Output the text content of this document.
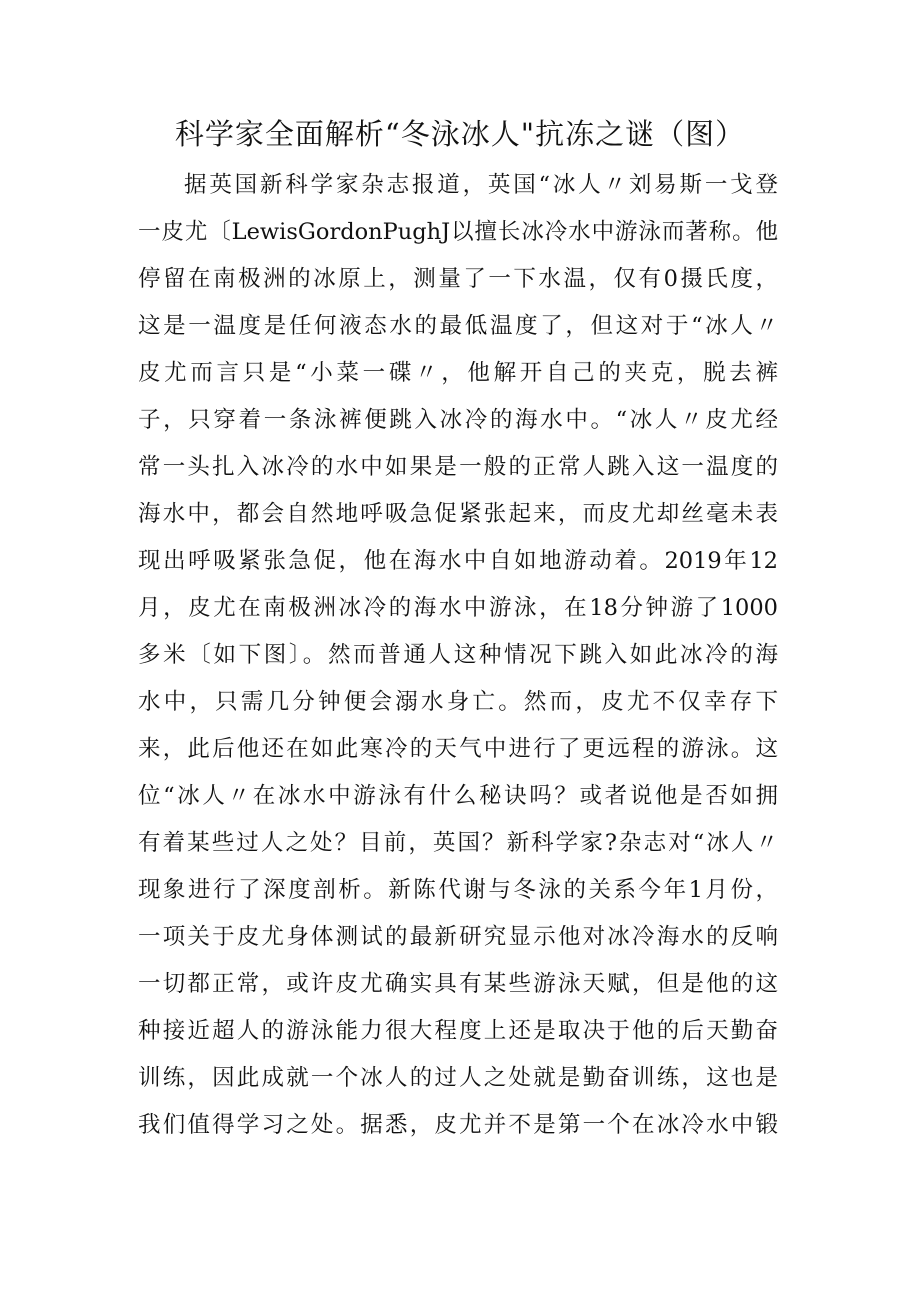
科学家全面解析“冬泳冰人"抗冻之谜（图）
据英国新科学家杂志报道，英国“冰人〃刘易斯一戈登
一皮尤〔LewisGordonPughJ以擅长冰冷水中游泳而著称。他
停留在南极洲的冰原上，测量了一下水温，仅有0摄氏度，
这是一温度是任何液态水的最低温度了，但这对于“冰人〃
皮尤而言只是“小菜一碟〃，他解开自己的夹克，脱去裤
子，只穿着一条泳裤便跳入冰冷的海水中。“冰人〃皮尤经
常一头扎入冰冷的水中如果是一般的正常人跳入这一温度的
海水中，都会自然地呼吸急促紧张起来，而皮尤却丝毫未表
现出呼吸紧张急促，他在海水中自如地游动着。2019年12
月，皮尤在南极洲冰冷的海水中游泳，在18分钟游了1000
多米〔如下图〕。然而普通人这种情况下跳入如此冰冷的海
水中，只需几分钟便会溺水身亡。然而，皮尤不仅幸存下
来，此后他还在如此寒冷的天气中进行了更远程的游泳。这
位“冰人〃在冰水中游泳有什么秘诀吗？或者说他是否如拥
有着某些过人之处？目前，英国？新科学家?杂志对“冰人〃
现象进行了深度剖析。新陈代谢与冬泳的关系今年1月份，
一项关于皮尤身体测试的最新研究显示他对冰冷海水的反响
一切都正常，或许皮尤确实具有某些游泳天赋，但是他的这
种接近超人的游泳能力很大程度上还是取决于他的后天勤奋
训练，因此成就一个冰人的过人之处就是勤奋训练，这也是
我们值得学习之处。据悉，皮尤并不是第一个在冰冷水中锻
